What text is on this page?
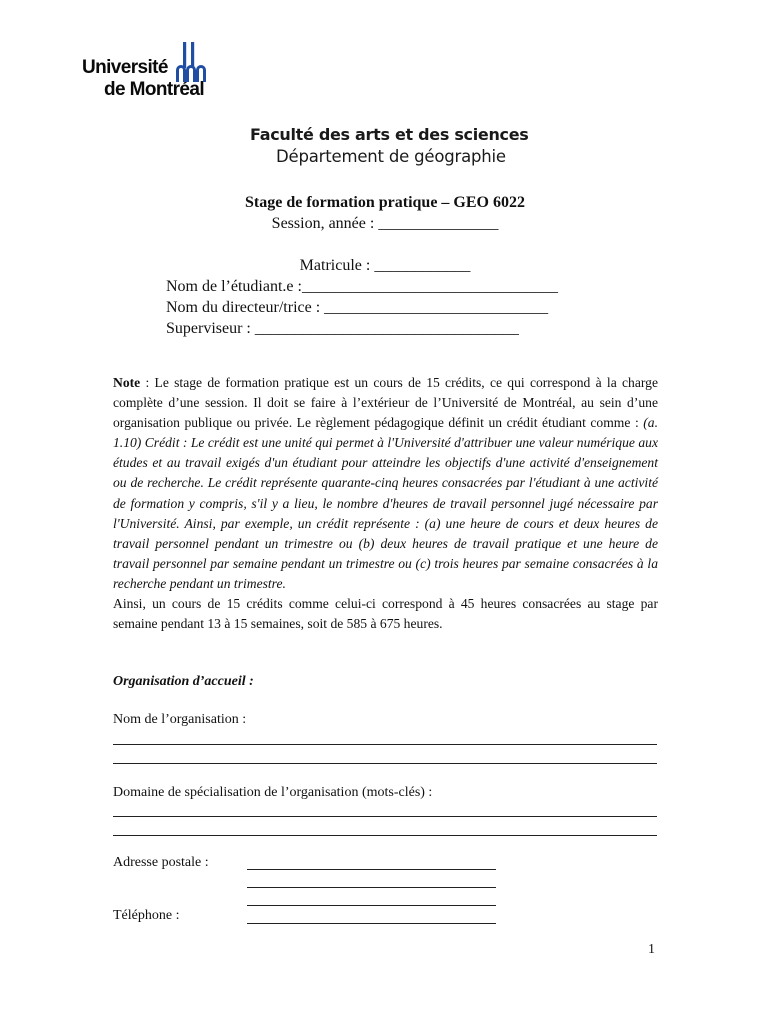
Université
de Montréal
Faculté des arts et des sciences
Département de géographie
Stage de formation pratique – GEO 6022
Session, année : _______________
Matricule : ____________
Nom de l’étudiant.e :________________________________
Nom du directeur/trice : ____________________________
Superviseur : _________________________________

Note : Le stage de formation pratique est un cours de 15 crédits, ce qui correspond à la charge complète d’une session. Il doit se faire à l’extérieur de l’Université de Montréal, au sein d’une organisation publique ou privée. Le règlement pédagogique définit un crédit étudiant comme : (a. 1.10) Crédit : Le crédit est une unité qui permet à l'Université d'attribuer une valeur numérique aux études et au travail exigés d'un étudiant pour atteindre les objectifs d'une activité d'enseignement ou de recherche. Le crédit représente quarante-cinq heures consacrées par l'étudiant à une activité de formation y compris, s'il y a lieu, le nombre d'heures de travail personnel jugé nécessaire par l'Université. Ainsi, par exemple, un crédit représente : (a) une heure de cours et deux heures de travail personnel pendant un trimestre ou (b) deux heures de travail pratique et une heure de travail personnel par semaine pendant un trimestre ou (c) trois heures par semaine consacrées à la recherche pendant un trimestre.
Ainsi, un cours de 15 crédits comme celui-ci correspond à 45 heures consacrées au stage par semaine pendant 13 à 15 semaines, soit de 585 à 675 heures.

Organisation d’accueil :
Nom de l’organisation :
Domaine de spécialisation de l’organisation (mots-clés) :
Adresse postale :
Téléphone :
1
